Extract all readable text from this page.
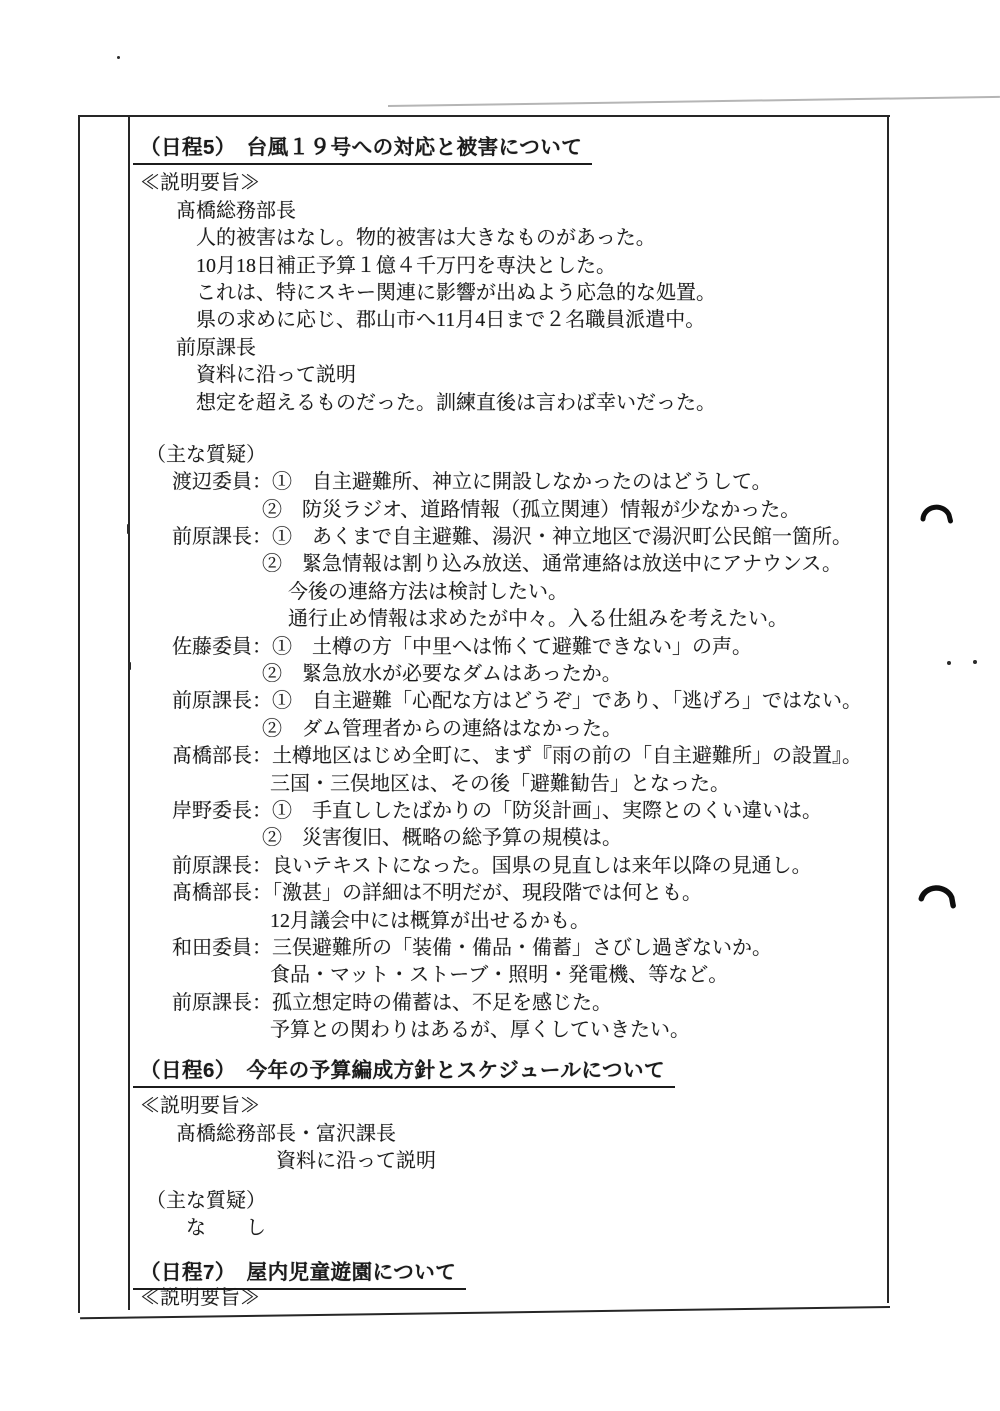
（日程5）　台風１９号への対応と被害について
≪説明要旨≫
髙橋総務部長
人的被害はなし。物的被害は大きなものがあった。
10月18日補正予算１億４千万円を専決とした。
これは、特にスキー関連に影響が出ぬよう応急的な処置。
県の求めに応じ、郡山市へ11月4日まで２名職員派遣中。
前原課長
資料に沿って説明
想定を超えるものだった。訓練直後は言わば幸いだった。
（主な質疑）
渡辺委員：①　自主避難所、神立に開設しなかったのはどうして。
②　防災ラジオ、道路情報（孤立関連）情報が少なかった。
前原課長：①　あくまで自主避難、湯沢・神立地区で湯沢町公民館一箇所。
②　緊急情報は割り込み放送、通常連絡は放送中にアナウンス。
今後の連絡方法は検討したい。
通行止め情報は求めたが中々。入る仕組みを考えたい。
佐藤委員：①　土樽の方「中里へは怖くて避難できない」の声。
②　緊急放水が必要なダムはあったか。
前原課長：①　自主避難「心配な方はどうぞ」であり、「逃げろ」ではない。
②　ダム管理者からの連絡はなかった。
髙橋部長：土樽地区はじめ全町に、まず『雨の前の「自主避難所」の設置』。
三国・三俣地区は、その後「避難勧告」となった。
岸野委長：①　手直ししたばかりの「防災計画」、実際とのくい違いは。
②　災害復旧、概略の総予算の規模は。
前原課長：良いテキストになった。国県の見直しは来年以降の見通し。
髙橋部長：「激甚」の詳細は不明だが、現段階では何とも。
12月議会中には概算が出せるかも。
和田委員：三俣避難所の「装備・備品・備蓄」さびし過ぎないか。
食品・マット・ストーブ・照明・発電機、等など。
前原課長：孤立想定時の備蓄は、不足を感じた。
予算との関わりはあるが、厚くしていきたい。
（日程6）　今年の予算編成方針とスケジュールについて
≪説明要旨≫
髙橋総務部長・富沢課長
資料に沿って説明
（主な質疑）
な　　し
（日程7）　屋内児童遊園について
≪説明要旨≫
